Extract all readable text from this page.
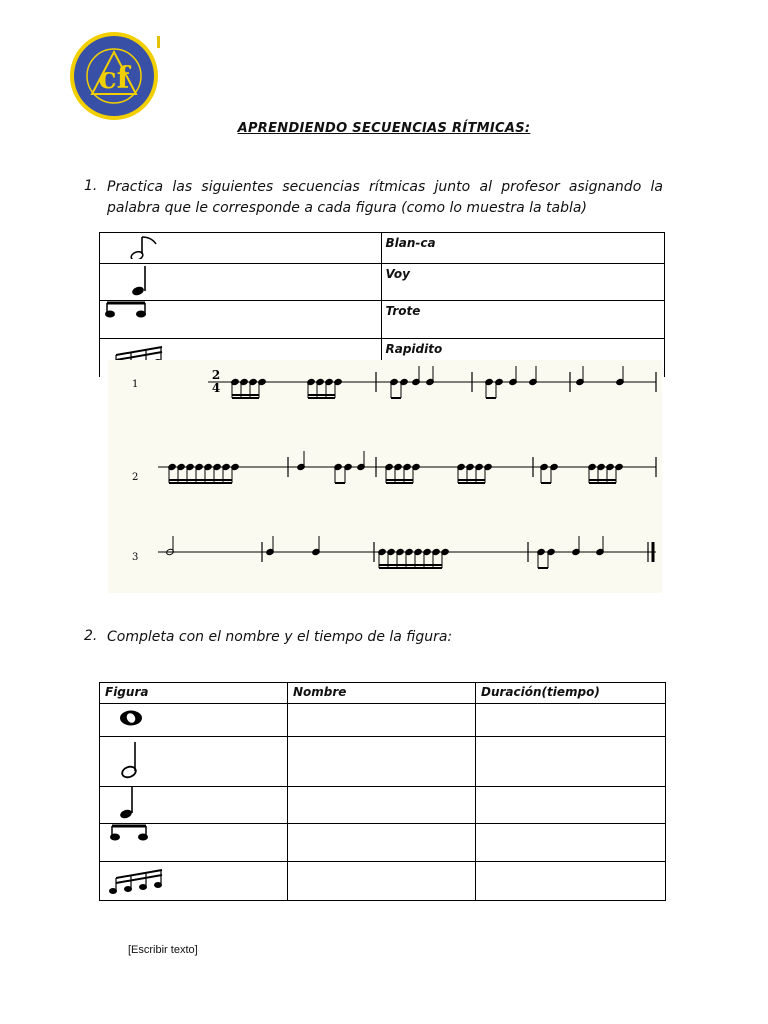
cf
APRENDIENDO SECUENCIAS RÍTMICAS:
1. Practica las siguientes secuencias rítmicas junto al profesor asignando la palabra que le corresponde a cada figura (como lo muestra la tabla)
	Blan-ca
	Voy
	Trote
	Rapidito
1
2
3
2
4
2. Completa con el nombre y el tiempo de la figura:
Figura	Nombre	Duración(tiempo)

[Escribir texto]
